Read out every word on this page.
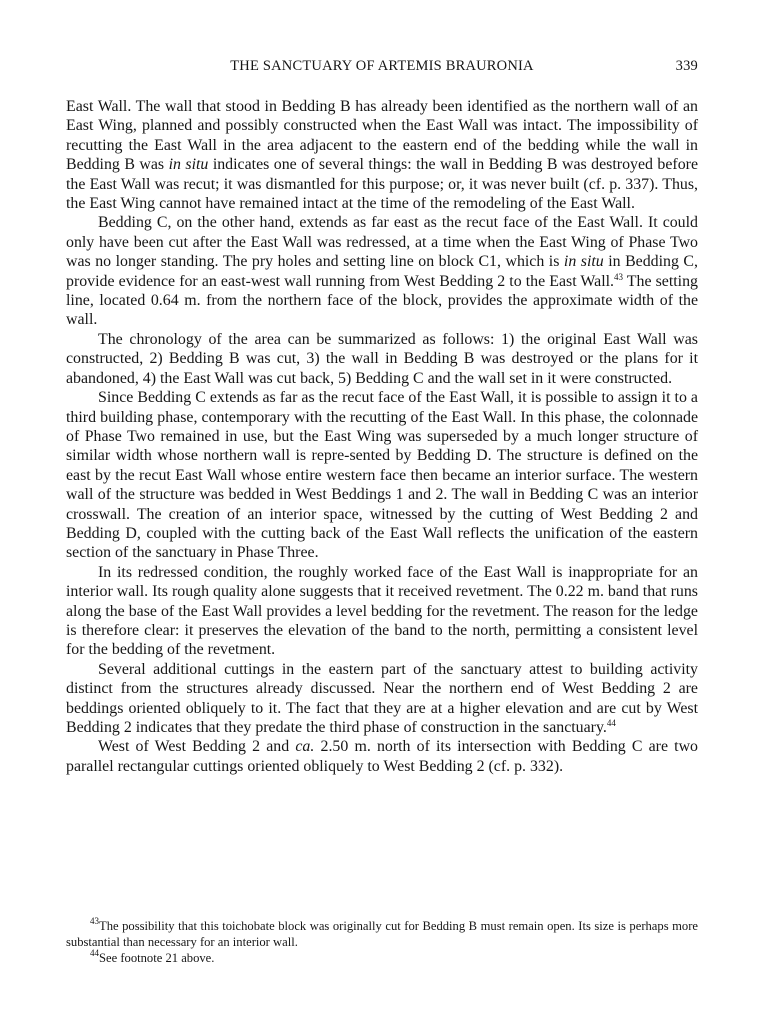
THE SANCTUARY OF ARTEMIS BRAURONIA	339

East Wall. The wall that stood in Bedding B has already been identified as the northern wall of an East Wing, planned and possibly constructed when the East Wall was intact. The impossibility of recutting the East Wall in the area adjacent to the eastern end of the bedding while the wall in Bedding B was in situ indicates one of several things: the wall in Bedding B was destroyed before the East Wall was recut; it was dismantled for this purpose; or, it was never built (cf. p. 337). Thus, the East Wing cannot have remained intact at the time of the remodeling of the East Wall.

Bedding C, on the other hand, extends as far east as the recut face of the East Wall. It could only have been cut after the East Wall was redressed, at a time when the East Wing of Phase Two was no longer standing. The pry holes and setting line on block C1, which is in situ in Bedding C, provide evidence for an east-west wall running from West Bedding 2 to the East Wall.$^{43}$ The setting line, located 0.64 m. from the northern face of the block, provides the approximate width of the wall.

The chronology of the area can be summarized as follows: 1) the original East Wall was constructed, 2) Bedding B was cut, 3) the wall in Bedding B was destroyed or the plans for it abandoned, 4) the East Wall was cut back, 5) Bedding C and the wall set in it were constructed.

Since Bedding C extends as far as the recut face of the East Wall, it is possible to assign it to a third building phase, contemporary with the recutting of the East Wall. In this phase, the colonnade of Phase Two remained in use, but the East Wing was superseded by a much longer structure of similar width whose northern wall is repre-sented by Bedding D. The structure is defined on the east by the recut East Wall whose entire western face then became an interior surface. The western wall of the structure was bedded in West Beddings 1 and 2. The wall in Bedding C was an interior crosswall. The creation of an interior space, witnessed by the cutting of West Bedding 2 and Bedding D, coupled with the cutting back of the East Wall reflects the unification of the eastern section of the sanctuary in Phase Three.

In its redressed condition, the roughly worked face of the East Wall is inappropriate for an interior wall. Its rough quality alone suggests that it received revetment. The 0.22 m. band that runs along the base of the East Wall provides a level bedding for the revetment. The reason for the ledge is therefore clear: it preserves the elevation of the band to the north, permitting a consistent level for the bedding of the revetment.

Several additional cuttings in the eastern part of the sanctuary attest to building activity distinct from the structures already discussed. Near the northern end of West Bedding 2 are beddings oriented obliquely to it. The fact that they are at a higher elevation and are cut by West Bedding 2 indicates that they predate the third phase of construction in the sanctuary.$^{44}$

West of West Bedding 2 and ca. 2.50 m. north of its intersection with Bedding C are two parallel rectangular cuttings oriented obliquely to West Bedding 2 (cf. p. 332).

$^{43}$The possibility that this toichobate block was originally cut for Bedding B must remain open. Its size is perhaps more substantial than necessary for an interior wall.

$^{44}$See footnote 21 above.
